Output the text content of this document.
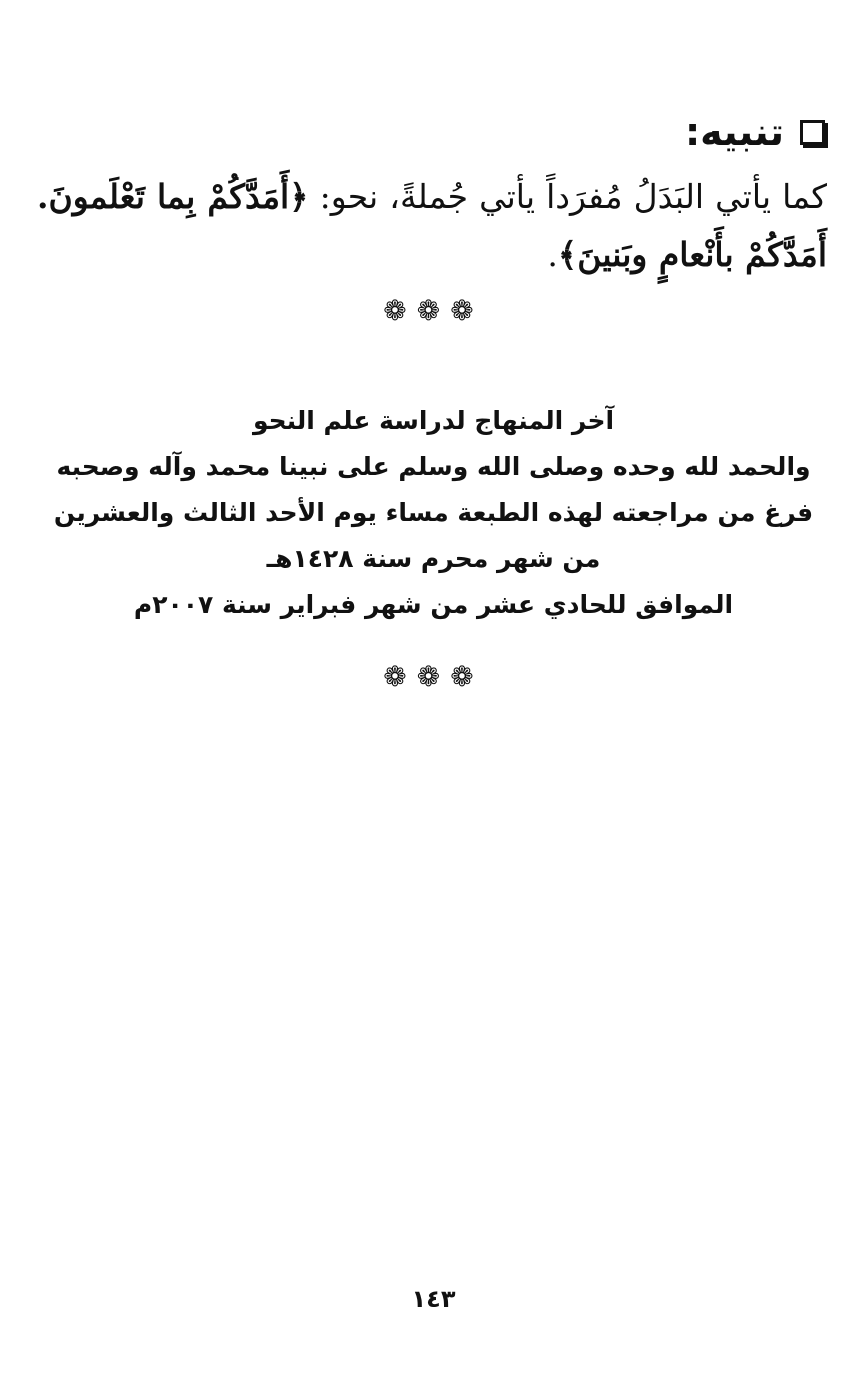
تنبيه:

كما يأتي البَدَلُ مُفرَداً يأتي جُملةً، نحو: ﴿أَمَدَّكُمْ بِما تَعْلَمونَ. أَمَدَّكُمْ بأَنْعامٍ وبَنينَ﴾.

❁❁❁
آخر المنهاج لدراسة علم النحو
والحمد لله وحده وصلى الله وسلم على نبينا محمد وآله وصحبه
فرغ من مراجعته لهذه الطبعة مساء يوم الأحد الثالث والعشرين
من شهر محرم سنة ١٤٢٨هـ
الموافق للحادي عشر من شهر فبراير سنة ٢٠٠٧م
❁❁❁
١٤٣
